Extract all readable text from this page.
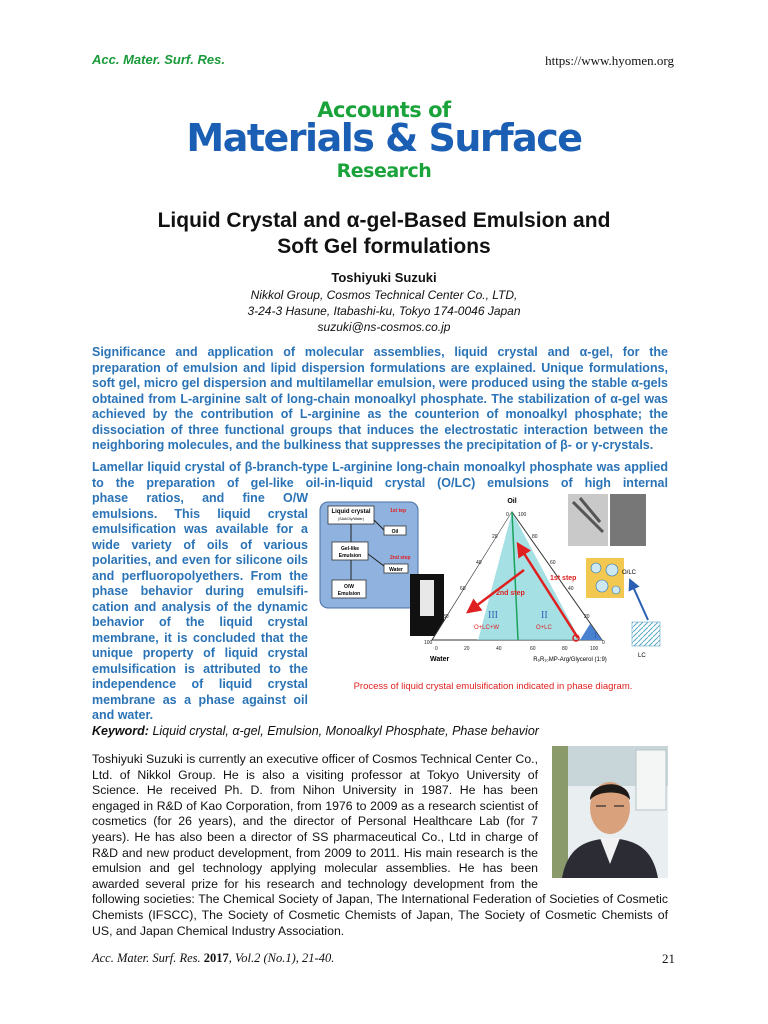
Acc. Mater. Surf. Res.	https://www.hyomen.org
Accounts of
Materials & Surface
Research
Liquid Crystal and α-gel-Based Emulsion and
Soft Gel formulations
Toshiyuki Suzuki
Nikkol Group, Cosmos Technical Center Co., LTD,
3-24-3 Hasune, Itabashi-ku, Tokyo 174-0046 Japan
suzuki@ns-cosmos.co.jp
Significance and application of molecular assemblies, liquid crystal and α-gel, for the preparation of emulsion and lipid dispersion formulations are explained. Unique formulations, soft gel, micro gel dispersion and multilamellar emulsion, were produced using the stable α-gels obtained from L-arginine salt of long-chain monoalkyl phosphate. The stabilization of α-gel was achieved by the contribution of L-arginine as the counterion of monoalkyl phosphate; the dissociation of three functional groups that induces the electrostatic interaction between the neighboring molecules, and the bulkiness that suppresses the precipitation of β- or γ-crystals.
Lamellar liquid crystal of β-branch-type L-arginine long-chain monoalkyl phosphate was applied to the preparation of gel-like oil-in-liquid crystal (O/LC) emulsions of high internal
phase ratios, and fine O/W emulsions. This liquid crystal emulsification was available for a wide variety of oils of various polarities, and even for silicone oils and perfluoropolyethers. From the phase behavior during emulsifi-cation and analysis of the dynamic behavior of the liquid crystal membrane, it is concluded that the unique property of liquid crystal emulsification is attributed to the independence of liquid crystal
membrane as a phase against oil and water.
Liquid crystal
(SAA/Gly/Water)
1st tep
Oil
Gel-like
Emulsion	2nd step
Water
O/W
Emulsion
1st step
2nd step
III
O+LC+W
II
O+LC
I
Oil
Water	R₆R₁₀MP-Arg/Glycerol (1:9)
100
80
60
40
20
0 100
80
60
40
20
0
0	20	40	60	80	100
O/LC
LC
Process of liquid crystal emulsification indicated in phase diagram.
Keyword: Liquid crystal, α-gel, Emulsion, Monoalkyl Phosphate, Phase behavior
Toshiyuki Suzuki is currently an executive officer of Cosmos Technical Center Co., Ltd. of Nikkol Group. He is also a visiting professor at Tokyo University of Science. He received Ph. D. from Nihon University in 1987. He has been engaged in R&D of Kao Corporation, from 1976 to 2009 as a research scientist of cosmetics (for 26 years), and the director of Personal Healthcare Lab (for 7 years). He has also been a director of SS pharmaceutical Co., Ltd in charge of R&D and new product development, from 2009 to 2011. His main research is the emulsion and gel technology applying molecular assemblies. He has been awarded several prize for his research and technology development from the following societies: The Chemical Society of Japan, The International Federation of Societies of Cosmetic Chemists (IFSCC), The Society of Cosmetic Chemists of Japan, The Society of Cosmetic Chemists of US, and Japan Chemical Industry Association.
Acc. Mater. Surf. Res. 2017, Vol.2 (No.1), 21-40.	21
